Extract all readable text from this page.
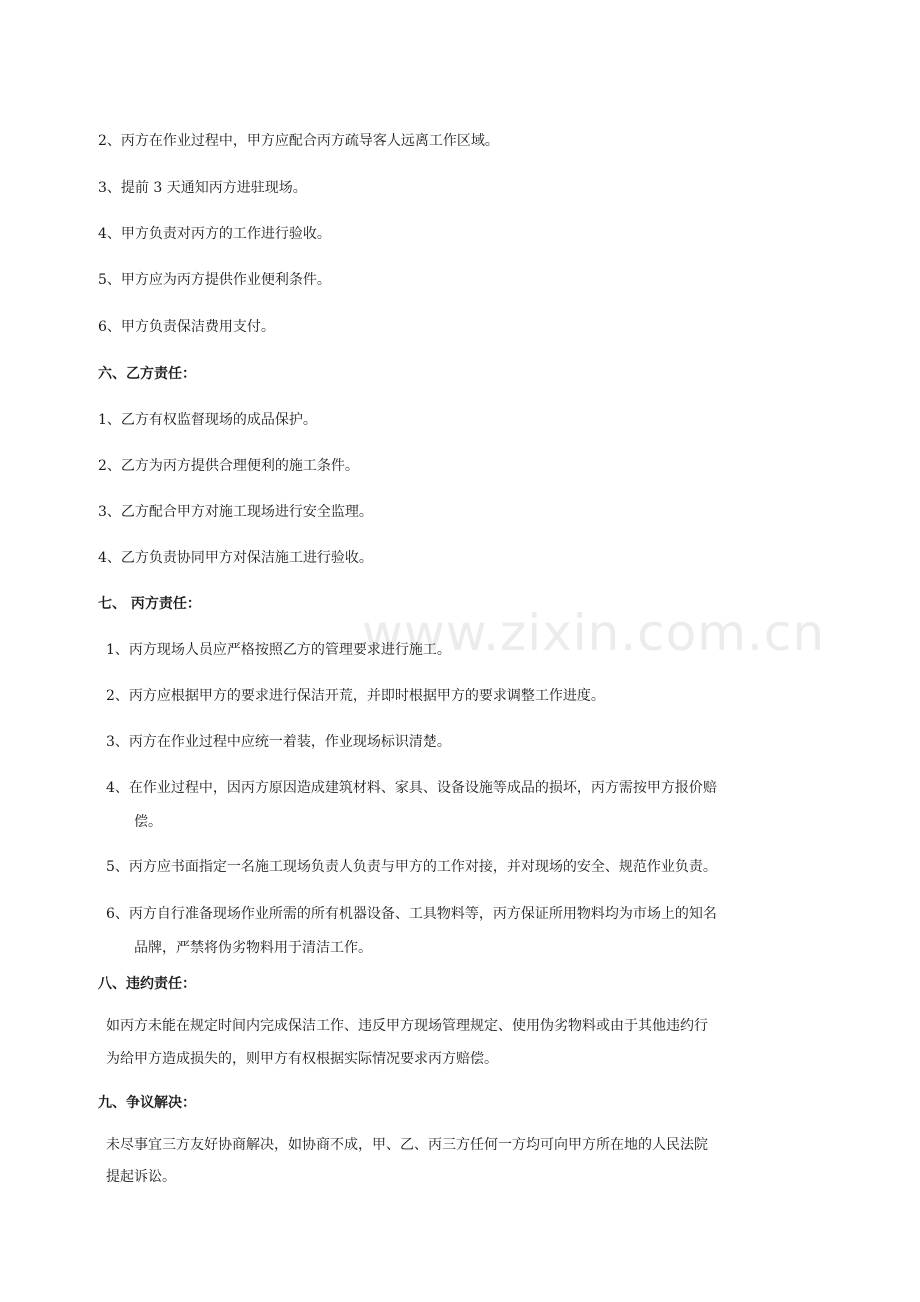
www.zixin.com.cn
2、丙方在作业过程中，甲方应配合丙方疏导客人远离工作区域。
3、提前 3 天通知丙方进驻现场。
4、甲方负责对丙方的工作进行验收。
5、甲方应为丙方提供作业便利条件。
6、甲方负责保洁费用支付。
六、乙方责任：
1、乙方有权监督现场的成品保护。
2、乙方为丙方提供合理便利的施工条件。
3、乙方配合甲方对施工现场进行安全监理。
4、乙方负责协同甲方对保洁施工进行验收。
七、 丙方责任：
1、丙方现场人员应严格按照乙方的管理要求进行施工。
2、丙方应根据甲方的要求进行保洁开荒，并即时根据甲方的要求调整工作进度。
3、丙方在作业过程中应统一着装，作业现场标识清楚。
4、在作业过程中，因丙方原因造成建筑材料、家具、设备设施等成品的损坏，丙方需按甲方报价赔
偿。
5、丙方应书面指定一名施工现场负责人负责与甲方的工作对接，并对现场的安全、规范作业负责。
6、丙方自行准备现场作业所需的所有机器设备、工具物料等，丙方保证所用物料均为市场上的知名
品牌，严禁将伪劣物料用于清洁工作。
八、违约责任：
如丙方未能在规定时间内完成保洁工作、违反甲方现场管理规定、使用伪劣物料或由于其他违约行
为给甲方造成损失的，则甲方有权根据实际情况要求丙方赔偿。
九、争议解决：
未尽事宜三方友好协商解决，如协商不成，甲、乙、丙三方任何一方均可向甲方所在地的人民法院
提起诉讼。
